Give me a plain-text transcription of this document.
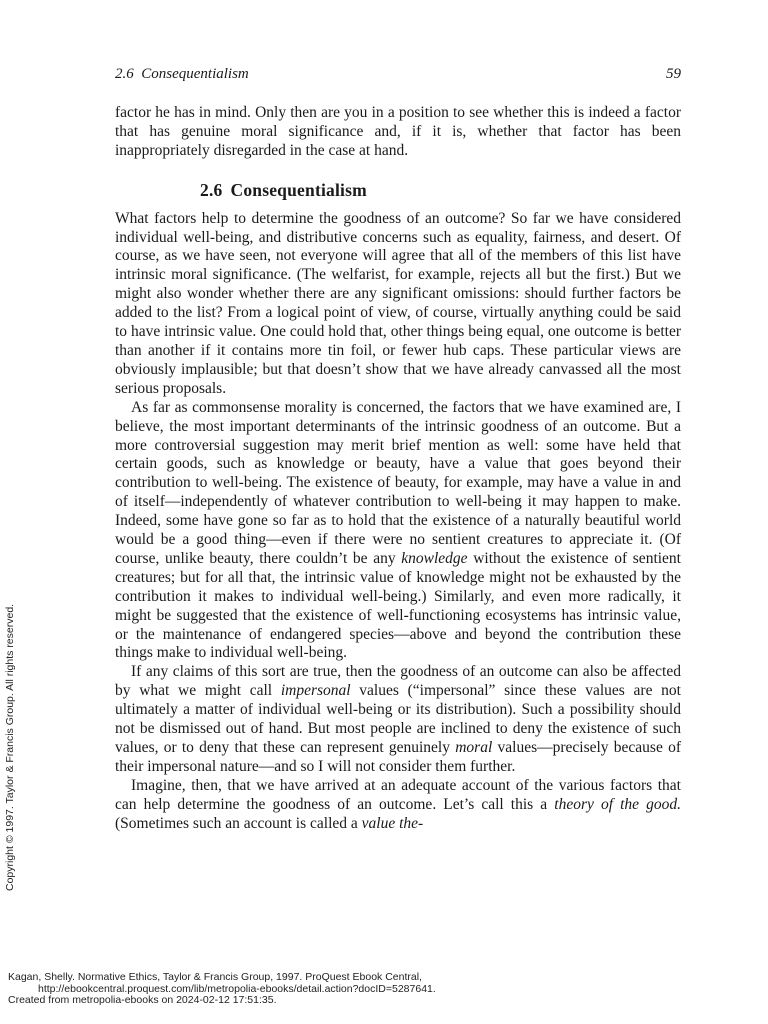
2.6  Consequentialism	59

factor he has in mind. Only then are you in a position to see whether this is indeed a factor that has genuine moral significance and, if it is, whether that factor has been inappropriately disregarded in the case at hand.

2.6 Consequentialism

What factors help to determine the goodness of an outcome? So far we have considered individual well-being, and distributive concerns such as equality, fairness, and desert. Of course, as we have seen, not everyone will agree that all of the members of this list have intrinsic moral significance. (The welfarist, for example, rejects all but the first.) But we might also wonder whether there are any significant omissions: should further factors be added to the list? From a logical point of view, of course, virtually anything could be said to have intrinsic value. One could hold that, other things being equal, one outcome is better than another if it contains more tin foil, or fewer hub caps. These particular views are obviously implausible; but that doesn’t show that we have already canvassed all the most serious proposals.

As far as commonsense morality is concerned, the factors that we have examined are, I believe, the most important determinants of the intrinsic goodness of an outcome. But a more controversial suggestion may merit brief mention as well: some have held that certain goods, such as knowledge or beauty, have a value that goes beyond their contribution to well-being. The existence of beauty, for example, may have a value in and of itself—independently of whatever contribution to well-being it may happen to make. Indeed, some have gone so far as to hold that the existence of a naturally beautiful world would be a good thing—even if there were no sentient creatures to appreciate it. (Of course, unlike beauty, there couldn’t be any knowledge without the existence of sentient creatures; but for all that, the intrinsic value of knowledge might not be exhausted by the contribution it makes to individual well-being.) Similarly, and even more radically, it might be suggested that the existence of well-functioning ecosystems has intrinsic value, or the maintenance of endangered species—above and beyond the contribution these things make to individual well-being.

If any claims of this sort are true, then the goodness of an outcome can also be affected by what we might call impersonal values (“impersonal” since these values are not ultimately a matter of individual well-being or its distribution). Such a possibility should not be dismissed out of hand. But most people are inclined to deny the existence of such values, or to deny that these can represent genuinely moral values—precisely because of their impersonal nature—and so I will not consider them further.

Imagine, then, that we have arrived at an adequate account of the various factors that can help determine the goodness of an outcome. Let’s call this a theory of the good. (Sometimes such an account is called a value the-

Copyright © 1997. Taylor & Francis Group. All rights reserved.
Kagan, Shelly. Normative Ethics, Taylor & Francis Group, 1997. ProQuest Ebook Central,
http://ebookcentral.proquest.com/lib/metropolia-ebooks/detail.action?docID=5287641.
Created from metropolia-ebooks on 2024-02-12 17:51:35.
